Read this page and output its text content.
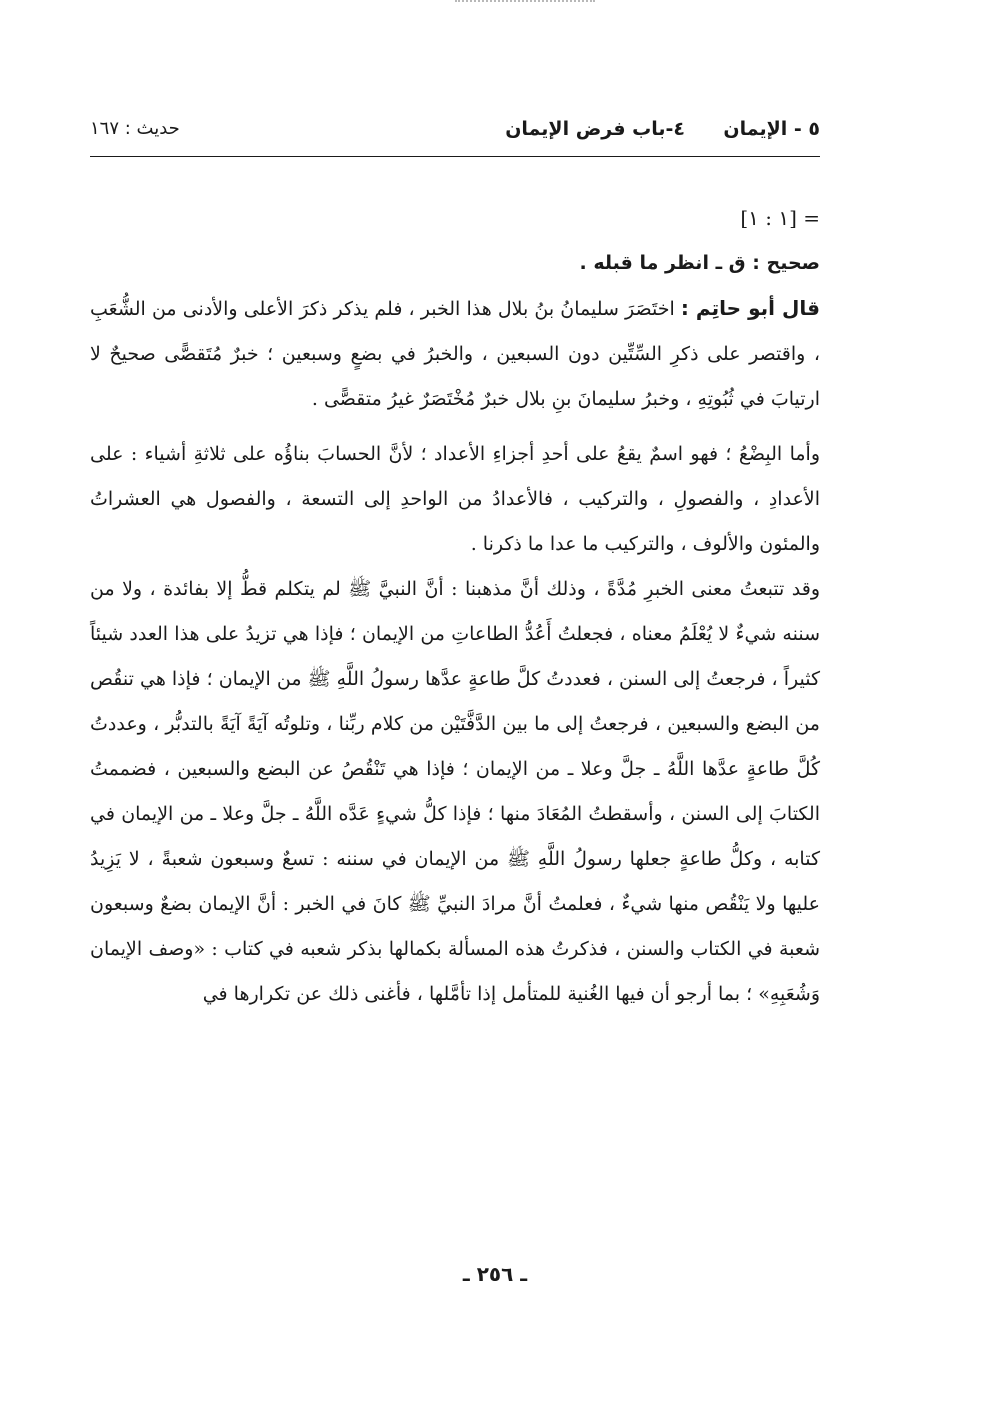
٥ - الإيمان
٤-باب فرض الإيمان
حديث : ١٦٧

= [١ : ١]

صحيح : ق ـ انظر ما قبله .

قال أبو حاتِم : اختَصَرَ سليمانُ بنُ بلال هذا الخبر ، فلم يذكر ذكرَ الأعلى والأدنى من الشُّعَبِ ، واقتصر على ذكرِ السِّتِّين دون السبعين ، والخبرُ في بضعٍ وسبعين ؛ خبرٌ مُتَقصًّى صحيحٌ لا ارتيابَ في ثُبُوتِهِ ، وخبرُ سليمانَ بنِ بلال خبرٌ مُخْتَصَرٌ غيرُ متقصًّى .

وأما البِضْعُ ؛ فهو اسمٌ يقعُ على أحدِ أجزاءِ الأعداد ؛ لأنَّ الحسابَ بناؤُه على ثلاثةِ أشياء : على الأعدادِ ، والفصولِ ، والتركيب ، فالأعدادُ من الواحدِ إلى التسعة ، والفصول هي العشراتُ والمئون والألوف ، والتركيب ما عدا ما ذكرنا .

وقد تتبعتُ معنى الخبرِ مُدَّةً ، وذلك أنَّ مذهبنا : أنَّ النبيَّ ﷺ لم يتكلم قطُّ إلا بفائدة ، ولا من سننه شيءٌ لا يُعْلَمُ معناه ، فجعلتُ أَعُدُّ الطاعاتِ من الإيمان ؛ فإذا هي تزيدُ على هذا العدد شيئاً كثيراً ، فرجعتُ إلى السنن ، فعددتُ كلَّ طاعةٍ عدَّها رسولُ اللَّهِ ﷺ من الإيمان ؛ فإذا هي تنقُص من البضع والسبعين ، فرجعتُ إلى ما بين الدَّفَّتَيْن من كلام ربِّنا ، وتلوتُه آيَةً آيَةً بالتدبُّر ، وعددتُ كُلَّ طاعةٍ عدَّها اللَّهُ ـ جلَّ وعلا ـ من الإيمان ؛ فإذا هي تَنْقُصُ عن البضع والسبعين ، فضممتُ الكتابَ إلى السنن ، وأسقطتُ المُعَادَ منها ؛ فإذا كلُّ شيءٍ عَدَّه اللَّهُ ـ جلَّ وعلا ـ من الإيمان في كتابه ، وكلُّ طاعةٍ جعلها رسولُ اللَّهِ ﷺ من الإيمان في سننه : تسعٌ وسبعون شعبةً ، لا يَزِيدُ عليها ولا يَنْقُص منها شيءٌ ، فعلمتُ أنَّ مرادَ النبيِّ ﷺ كانَ في الخبر : أنَّ الإيمان بضعٌ وسبعون شعبة في الكتاب والسنن ، فذكرتُ هذه المسألة بكمالها بذكر شعبه في كتاب : «وصف الإيمان وَشُعَبِهِ» ؛ بما أرجو أن فيها الغُنية للمتأمل إذا تأمَّلها ، فأغنى ذلك عن تكرارها في

ـ ٢٥٦ ـ
